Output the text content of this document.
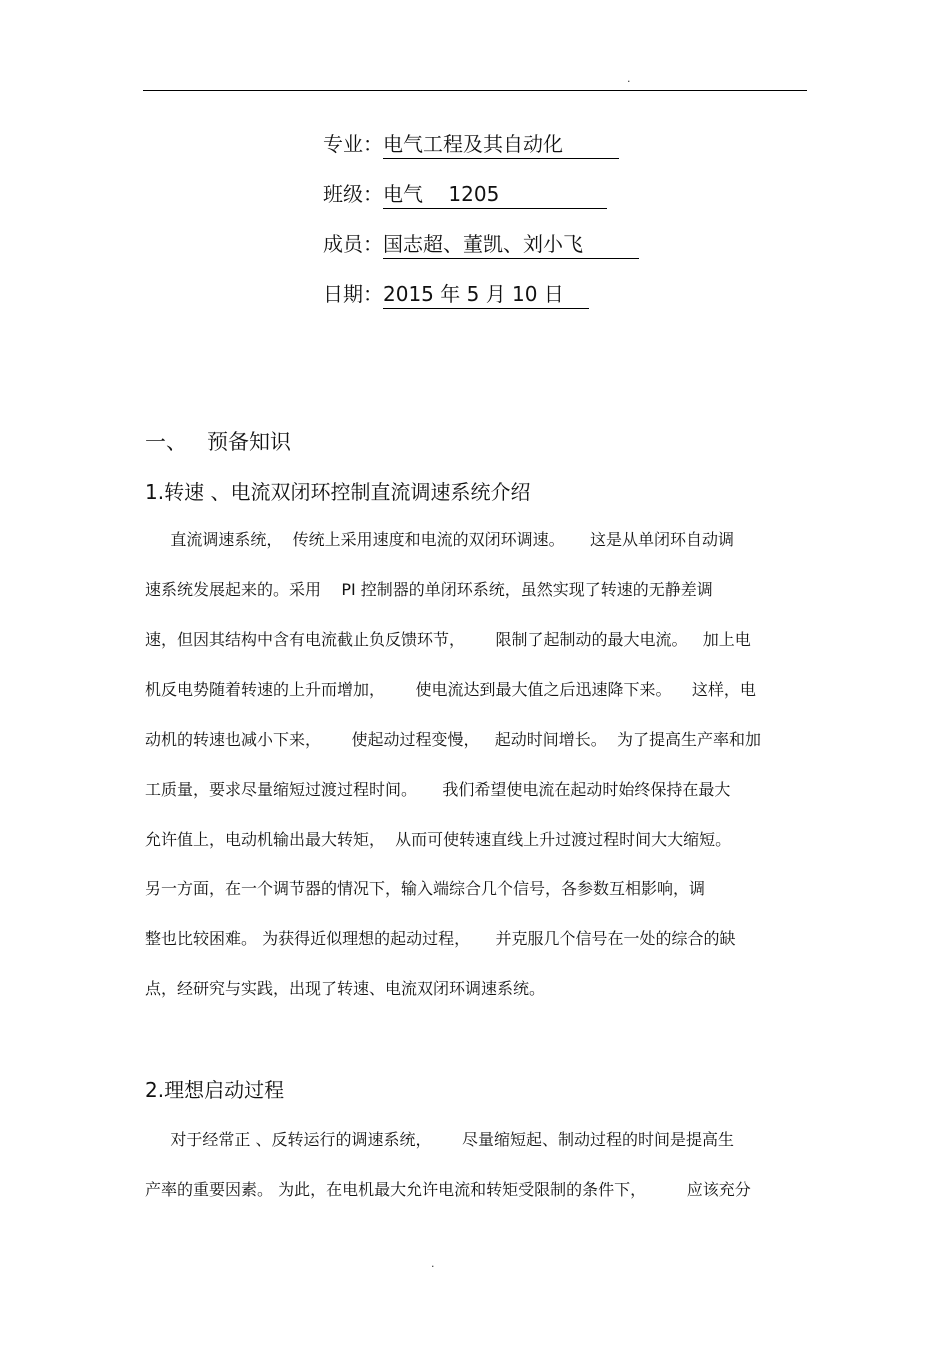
.
专业：电气工程及其自动化
班级：电气    1205
成员：国志超、董凯、刘小飞
日期：2015 年 5 月 10 日
一、   预备知识
1.转速 、电流双闭环控制直流调速系统介绍
直流调速系统，  传统上采用速度和电流的双闭环调速。     这是从单闭环自动调
速系统发展起来的。采用    PI 控制器的单闭环系统，虽然实现了转速的无静差调
速，但因其结构中含有电流截止负反馈环节，      限制了起制动的最大电流。   加上电
机反电势随着转速的上升而增加，      使电流达到最大值之后迅速降下来。    这样，电
动机的转速也减小下来，      使起动过程变慢，   起动时间增长。  为了提高生产率和加
工质量，要求尽量缩短过渡过程时间。     我们希望使电流在起动时始终保持在最大
允许值上，电动机输出最大转矩，  从而可使转速直线上升过渡过程时间大大缩短。
另一方面，在一个调节器的情况下，输入端综合几个信号，各参数互相影响，调
整也比较困难。 为获得近似理想的起动过程，     并克服几个信号在一处的综合的缺
点，经研究与实践，出现了转速、电流双闭环调速系统。
2.理想启动过程
对于经常正 、反转运行的调速系统，      尽量缩短起、制动过程的时间是提高生
产率的重要因素。 为此，在电机最大允许电流和转矩受限制的条件下，        应该充分
.
